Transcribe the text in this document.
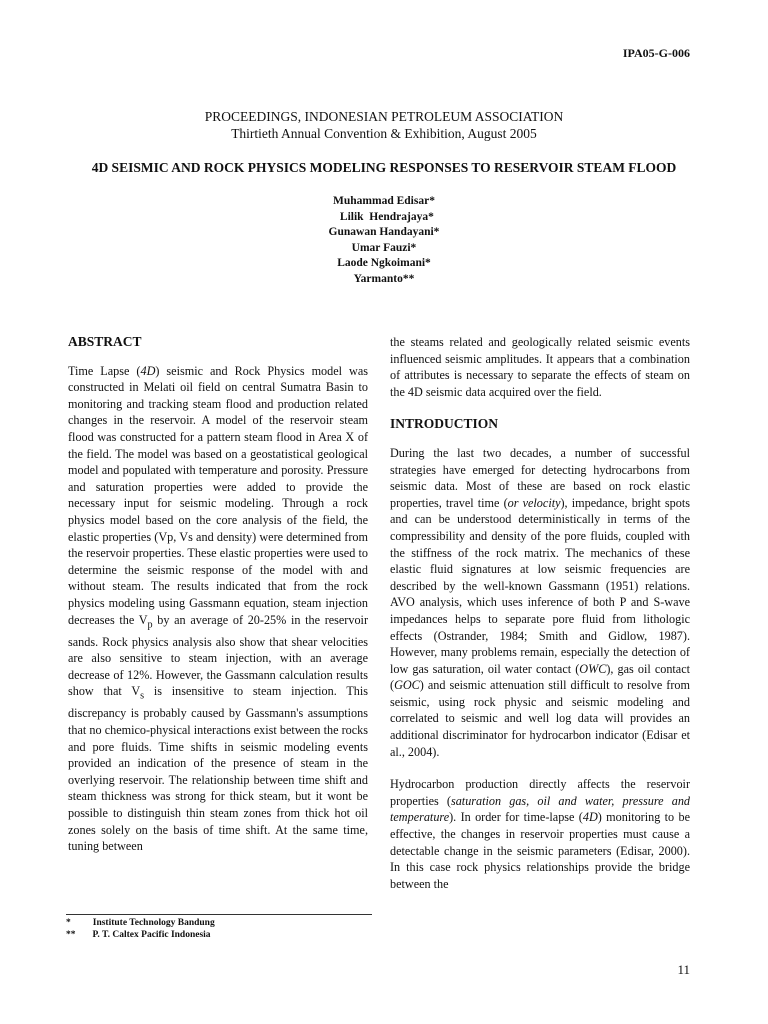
IPA05-G-006
PROCEEDINGS, INDONESIAN PETROLEUM ASSOCIATION
Thirtieth Annual Convention & Exhibition, August 2005
4D SEISMIC AND ROCK PHYSICS MODELING RESPONSES TO RESERVOIR STEAM FLOOD
Muhammad Edisar*
Lilik  Hendrajaya*
Gunawan Handayani*
Umar Fauzi*
Laode Ngkoimani*
Yarmanto**

ABSTRACT

Time Lapse (4D) seismic and Rock Physics model was constructed in Melati oil field on central Sumatra Basin to monitoring and tracking steam flood and production related changes in the reservoir. A model of the reservoir steam flood was constructed for a pattern steam flood in Area X of the field. The model was based on a geostatistical geological model and populated with temperature and porosity. Pressure and saturation properties were added to provide the necessary input for seismic modeling. Through a rock physics model based on the core analysis of the field, the elastic properties (Vp, Vs and density) were determined from the reservoir properties. These elastic properties were used to determine the seismic response of the model with and without steam. The results indicated that from the rock physics modeling using Gassmann equation, steam injection decreases the $V_p$ by an average of 20-25% in the reservoir sands. Rock physics analysis also show that shear velocities are also sensitive to steam injection, with an average decrease of 12%. However, the Gassmann calculation results show that $V_s$ is insensitive to steam injection. This discrepancy is probably caused by Gassmann's assumptions that no chemico-physical interactions exist between the rocks and pore fluids. Time shifts in seismic modeling events provided an indication of the presence of steam in the overlying reservoir. The relationship between time shift and steam thickness was strong for thick steam, but it wont be possible to distinguish thin steam zones from thick hot oil zones solely on the basis of time shift. At the same time, tuning between

the steams related and geologically related seismic events influenced seismic amplitudes. It appears that a combination of attributes is necessary to separate the effects of steam on the 4D seismic data acquired over the field.

INTRODUCTION

During the last two decades, a number of successful strategies have emerged for detecting hydrocarbons from seismic data. Most of these are based on rock elastic properties, travel time (or velocity), impedance, bright spots and can be understood deterministically in terms of the compressibility and density of the pore fluids, coupled with the stiffness of the rock matrix. The mechanics of these elastic fluid signatures at low seismic frequencies are described by the well-known Gassmann (1951) relations. AVO analysis, which uses inference of both P and S-wave impedances helps to separate pore fluid from lithologic effects (Ostrander, 1984; Smith and Gidlow, 1987). However, many problems remain, especially the detection of low gas saturation, oil water contact (OWC), gas oil contact (GOC) and seismic attenuation still difficult to resolve from seismic, using rock physic and seismic modeling and correlated to seismic and well log data will provides an additional discriminator for hydrocarbon indicator (Edisar et al., 2004).

Hydrocarbon production directly affects the reservoir properties (saturation gas, oil and water, pressure and temperature). In order for time-lapse (4D) monitoring to be effective, the changes in reservoir properties must cause a detectable change in the seismic parameters (Edisar, 2000). In this case rock physics relationships provide the bridge between the

* Institute Technology Bandung
** P. T. Caltex Pacific Indonesia
11
